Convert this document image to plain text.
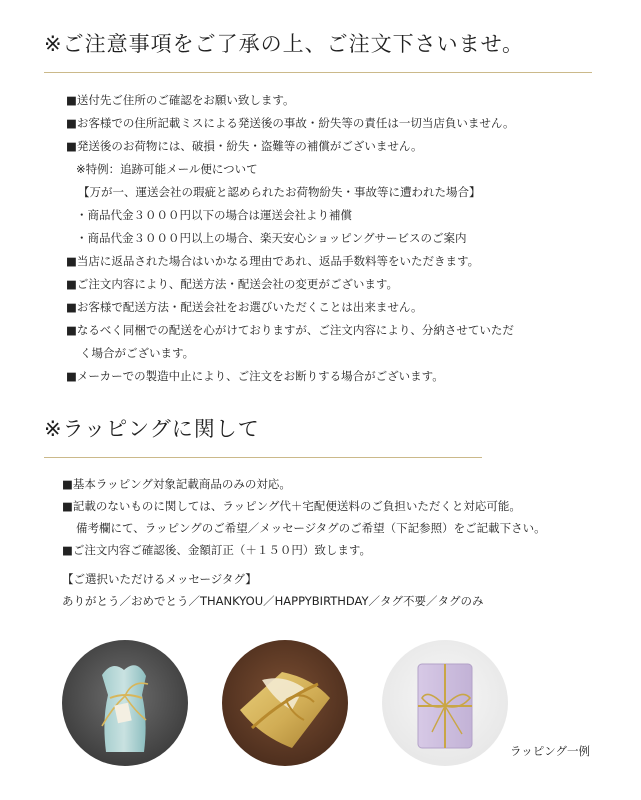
※ご注意事項をご了承の上、ご注文下さいませ。
■送付先ご住所のご確認をお願い致します。
■お客様での住所記載ミスによる発送後の事故・紛失等の責任は一切当店負いません。
■発送後のお荷物には、破損・紛失・盗難等の補償がございません。
※特例：追跡可能メール便について
【万が一、運送会社の瑕疵と認められたお荷物紛失・事故等に遭われた場合】
・商品代金３０００円以下の場合は運送会社より補償
・商品代金３０００円以上の場合、楽天安心ショッピングサービスのご案内
■当店に返品された場合はいかなる理由であれ、返品手数料等をいただきます。
■ご注文内容により、配送方法・配送会社の変更がございます。
■お客様で配送方法・配送会社をお選びいただくことは出来ません。
■なるべく同梱での配送を心がけておりますが、ご注文内容により、分納させていただ
く場合がございます。
■メーカーでの製造中止により、ご注文をお断りする場合がございます。
※ラッピングに関して
■基本ラッピング対象記載商品のみの対応。
■記載のないものに関しては、ラッピング代＋宅配便送料のご負担いただくと対応可能。
備考欄にて、ラッピングのご希望／メッセージタグのご希望（下記参照）をご記載下さい。
■ご注文内容ご確認後、金額訂正（＋１５０円）致します。
【ご選択いただけるメッセージタグ】
ありがとう／おめでとう／THANKYOU／HAPPYBIRTHDAY／タグ不要／タグのみ
ラッピング一例
